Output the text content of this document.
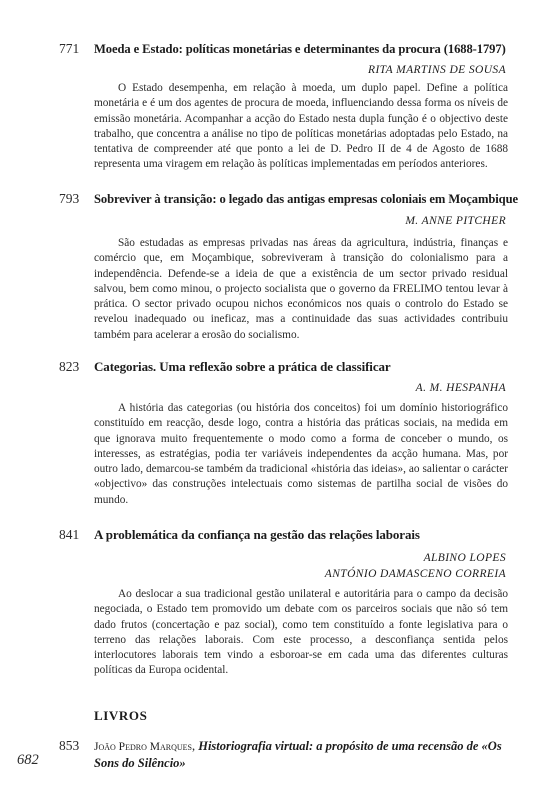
771 Moeda e Estado: políticas monetárias e determinantes da procura (1688-1797)
RITA MARTINS DE SOUSA
O Estado desempenha, em relação à moeda, um duplo papel. Define a política monetária e é um dos agentes de procura de moeda, influenciando dessa forma os níveis de emissão monetária. Acompanhar a acção do Estado nesta dupla função é o objectivo deste trabalho, que concentra a análise no tipo de políticas monetárias adoptadas pelo Estado, na tentativa de compreender até que ponto a lei de D. Pedro II de 4 de Agosto de 1688 representa uma viragem em relação às políticas implementadas em períodos anteriores.
793 Sobreviver à transição: o legado das antigas empresas coloniais em Moçambique
M. ANNE PITCHER
São estudadas as empresas privadas nas áreas da agricultura, indústria, finanças e comércio que, em Moçambique, sobreviveram à transição do colonialismo para a independência. Defende-se a ideia de que a existência de um sector privado residual salvou, bem como minou, o projecto socialista que o governo da FRELIMO tentou levar à prática. O sector privado ocupou nichos económicos nos quais o controlo do Estado se revelou inadequado ou ineficaz, mas a continuidade das suas actividades contribuiu também para acelerar a erosão do socialismo.
823 Categorias. Uma reflexão sobre a prática de classificar
A. M. HESPANHA
A história das categorias (ou história dos conceitos) foi um domínio historiográfico constituído em reacção, desde logo, contra a história das práticas sociais, na medida em que ignorava muito frequentemente o modo como a forma de conceber o mundo, os interesses, as estratégias, podia ter variáveis independentes da acção humana. Mas, por outro lado, demarcou-se também da tradicional «história das ideias», ao salientar o carácter «objectivo» das construções intelectuais como sistemas de partilha social de visões do mundo.
841 A problemática da confiança na gestão das relações laborais
ALBINO LOPES
ANTÓNIO DAMASCENO CORREIA
Ao deslocar a sua tradicional gestão unilateral e autoritária para o campo da decisão negociada, o Estado tem promovido um debate com os parceiros sociais que não só tem dado frutos (concertação e paz social), como tem constituído a fonte legislativa para o terreno das relações laborais. Com este processo, a desconfiança sentida pelos interlocutores laborais tem vindo a esboroar-se em cada uma das diferentes culturas políticas da Europa ocidental.
LIVROS
853 João Pedro Marques, Historiografia virtual: a propósito de uma recensão de «Os Sons do Silêncio»
682
